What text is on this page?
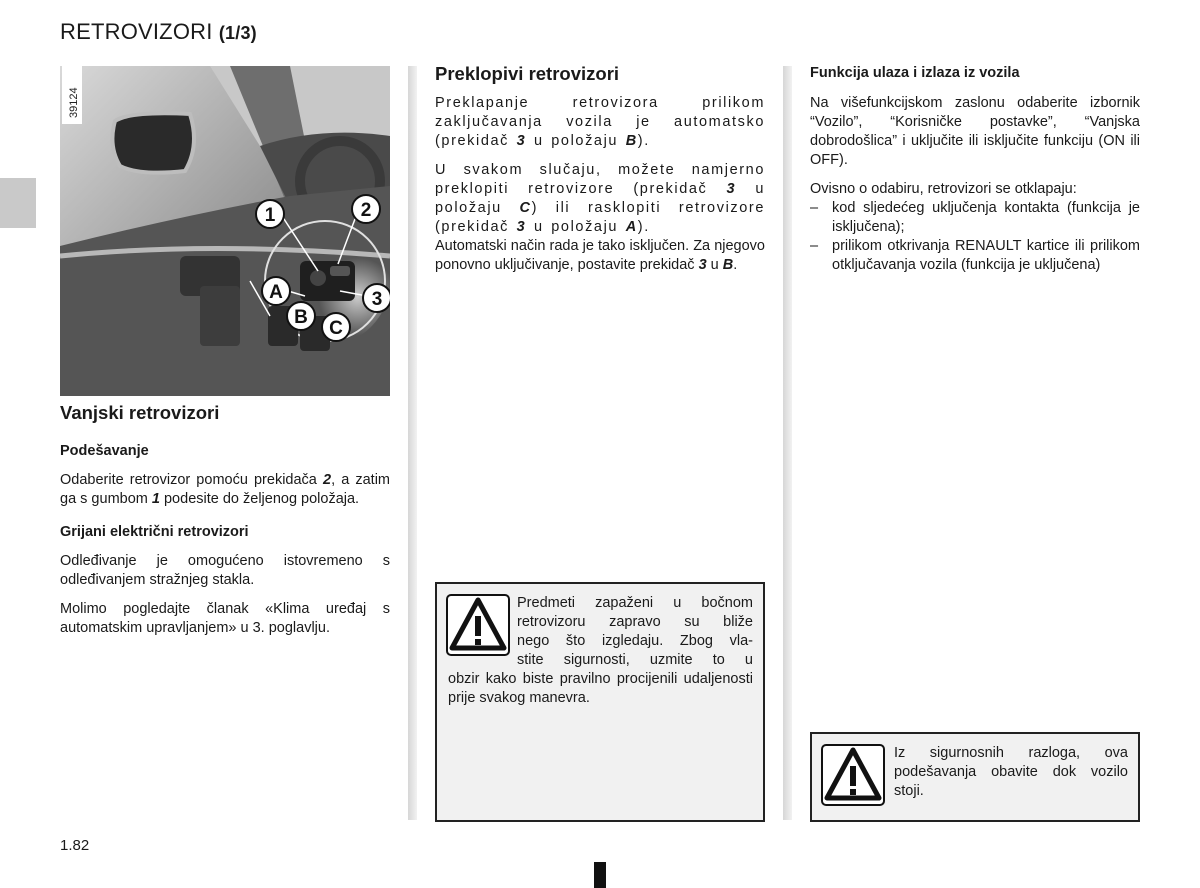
RETROVIZORI (1/3)
39124
1	2
3
A
B
C
Vanjski retrovizori

Podešavanje

Odaberite retrovizor pomoću prekidača 2, a zatim ga s gumbom 1 podesite do željenog položaja.

Grijani električni retrovizori

Odleđivanje je omogućeno istovremeno s odleđivanjem stražnjeg stakla.

Molimo pogledajte članak «Klima uređaj s automatskim upravljanjem» u 3. poglavlju.

Preklopivi retrovizori

Preklapanje retrovizora prilikom zaključavanja vozila je automatsko (prekidač 3 u položaju B).

U svakom slučaju, možete namjerno preklopiti retrovizore (prekidač 3 u položaju C) ili rasklopiti retrovizore (prekidač 3 u položaju A).

Automatski način rada je tako isključen. Za njegovo ponovno uključivanje, postavite prekidač 3 u B.

Predmeti zapaženi u bočnom
retrovizoru zapravo su bliže
nego što izgledaju. Zbog vla-
stite sigurnosti, uzmite to u
obzir kako biste pravilno procijenili udaljenosti prije svakog manevra.

Funkcija ulaza i izlaza iz vozila

Na višefunkcijskom zaslonu odaberite izbornik “Vozilo”, “Korisničke postavke”, “Vanjska dobrodošlica” i uključite ili isključite funkciju (ON ili OFF).

Ovisno o odabiru, retrovizori se otklapaju:

– kod sljedećeg uključenja kontakta (funkcija je isključena);
– prilikom otkrivanja RENAULT kartice ili prilikom otključavanja vozila (funkcija je uključena)
Iz sigurnosnih razloga, ova podešavanja obavite dok vozilo stoji.
1.82
